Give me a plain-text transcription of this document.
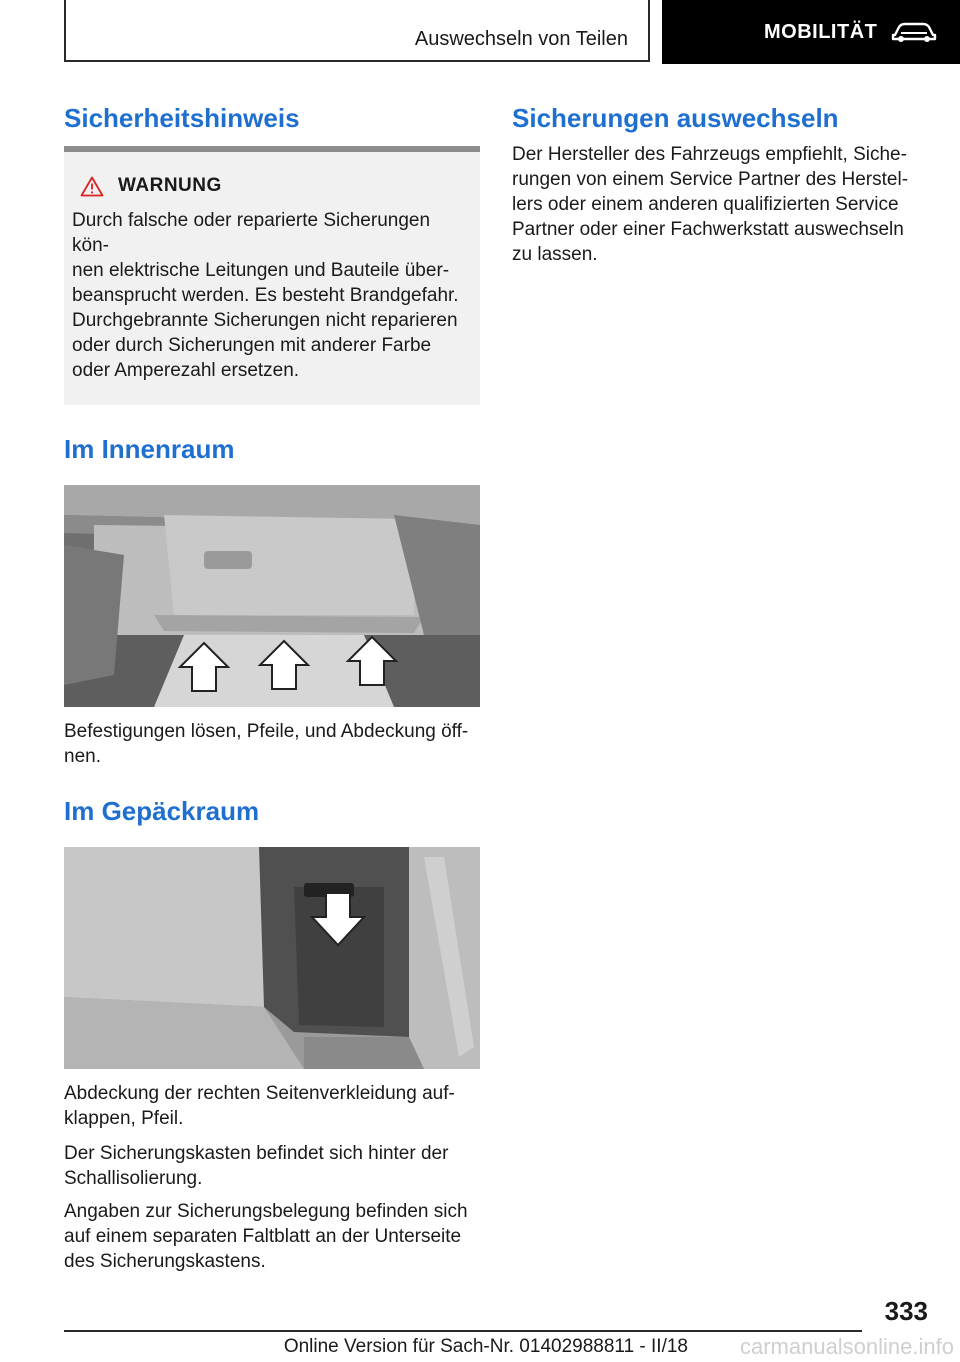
Auswechseln von Teilen	MOBILITÄT
Sicherheitshinweis
WARNUNG

Durch falsche oder reparierte Sicherungen kön-
nen elektrische Leitungen und Bauteile über-
beansprucht werden. Es besteht Brandgefahr.
Durchgebrannte Sicherungen nicht reparieren
oder durch Sicherungen mit anderer Farbe
oder Amperezahl ersetzen.

Im Innenraum

Befestigungen lösen, Pfeile, und Abdeckung öff-
nen.

Im Gepäckraum

Abdeckung der rechten Seitenverkleidung auf-
klappen, Pfeil.

Der Sicherungskasten befindet sich hinter der
Schallisolierung.

Angaben zur Sicherungsbelegung befinden sich
auf einem separaten Faltblatt an der Unterseite
des Sicherungskastens.

Sicherungen auswechseln

Der Hersteller des Fahrzeugs empfiehlt, Siche-
rungen von einem Service Partner des Herstel-
lers oder einem anderen qualifizierten Service
Partner oder einer Fachwerkstatt auswechseln
zu lassen.

333
Online Version für Sach-Nr. 01402988811 - II/18 carmanualsonline.info
